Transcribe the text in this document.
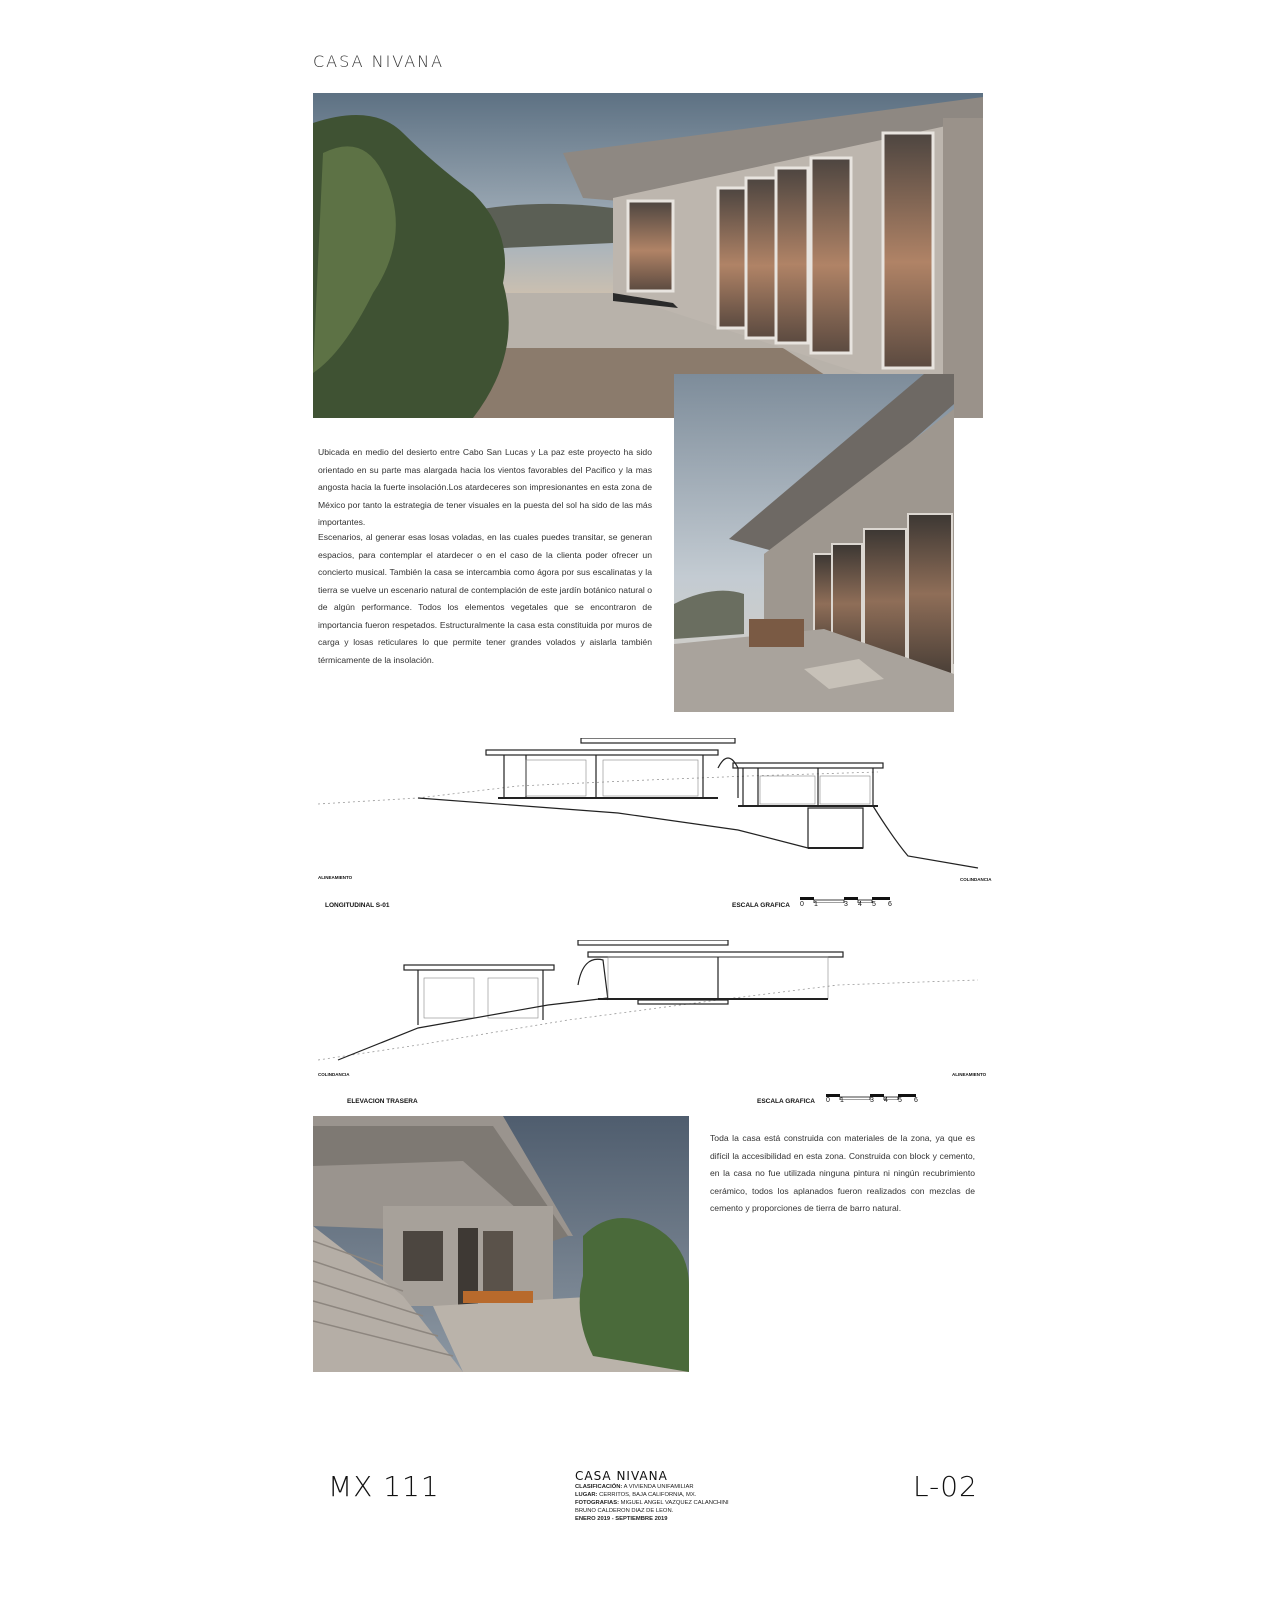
CASA NIVANA

Ubicada en medio del desierto entre Cabo San Lucas y La paz este proyecto ha sido orientado en su parte mas alargada hacia los vientos favorables del Pacifico y la mas angosta hacia la fuerte insolación.Los atardeceres son impresionantes en esta zona de México por tanto la estrategia de tener visuales en la puesta del sol ha sido de las más importantes.

Escenarios, al generar esas losas voladas, en las cuales puedes transitar, se generan espacios, para contemplar el atardecer o en el caso de la clienta poder ofrecer un concierto musical. También la casa se intercambia como ágora por sus escalinatas y la tierra se vuelve un escenario natural de contemplación de este jardín botánico natural o de algún performance. Todos los elementos vegetales que se encontraron de importancia fueron respetados. Estructuralmente la casa esta constituida por muros de carga y losas reticulares lo que permite tener grandes volados y aislarla también térmicamente de la insolación.

ALINEAMIENTO	COLINDANCIA
LONGITUDINAL S-01	ESCALA GRAFICA 0 1	3 4 5 6
COLINDANCIA	ALINEAMIENTO
ELEVACION TRASERA	ESCALA GRAFICA 0 1	3 4 5 6

Toda la casa está construida con materiales de la zona, ya que es difícil la accesibilidad en esta zona. Construida con block y cemento, en la casa no fue utilizada ninguna pintura ni ningún recubrimiento cerámico, todos los aplanados fueron realizados con mezclas de cemento y proporciones de tierra de barro natural.

MX 111	L-02
CASA NIVANA
CLASIFICACIÓN: A VIVIENDA UNIFAMILIAR
LUGAR: CERRITOS, BAJA CALIFORNIA, MX.
FOTOGRAFIAS: MIGUEL ANGEL VAZQUEZ CALANCHINI
BRUNO CALDERON DIAZ DE LEON.
ENERO 2019 - SEPTIEMBRE 2019
